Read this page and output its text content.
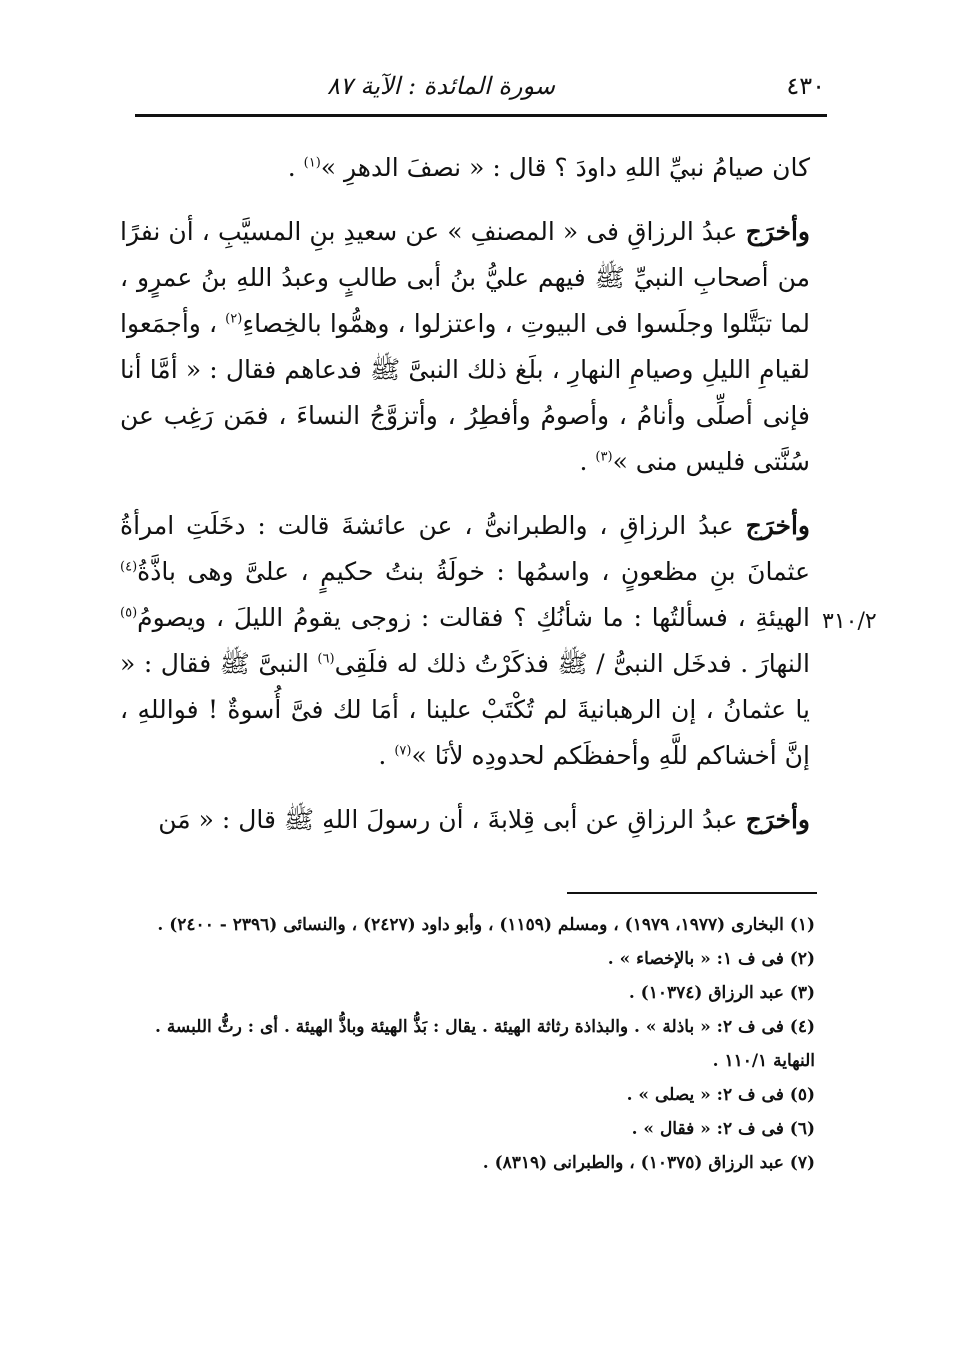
٤٣٠
سورة المائدة : الآية ٨٧
٣١٠/٢

كان صيامُ نبيِّ اللهِ داودَ ؟ قال : « نصفَ الدهرِ »$^{(١)}$ .

وأخرَج عبدُ الرزاقِ فى « المصنفِ » عن سعيدِ بنِ المسيَّبِ ، أن نفرًا من أصحابِ النبيِّ ﷺ فيهم عليُّ بنُ أبى طالبٍ وعبدُ اللهِ بنُ عمرٍو ، لما تبَتَّلوا وجلَسوا فى البيوتِ ، واعتزلوا ، وهمُّوا بالخِصاءِ$^{(٢)}$ ، وأجمَعوا لقيامِ الليلِ وصيامِ النهارِ ، بلَغ ذلك النبىَّ ﷺ فدعاهم فقال : « أمَّا أنا فإنى أصلِّى وأنامُ ، وأصومُ وأفطِرُ ، وأتزوَّجُ النساءَ ، فمَن رَغِب عن سُنَّتى فليس منى »$^{(٣)}$ .

وأخرَج عبدُ الرزاقِ ، والطبرانىُّ ، عن عائشةَ قالت : دخَلَتِ امرأةُ عثمانَ بنِ مظعونٍ ، واسمُها : خولَةُ بنتُ حكيمٍ ، علىَّ وهى باذَّةُ$^{(٤)}$ الهيئةِ ، فسألتُها : ما شأنُكِ ؟ فقالت : زوجى يقومُ الليلَ ، ويصومُ$^{(٥)}$ النهارَ . فدخَل النبىُّ / ﷺ فذكَرْتُ ذلك له فلَقِى$^{(٦)}$ النبىَّ ﷺ فقال : « يا عثمانُ ، إن الرهبانيةَ لم تُكْتَبْ علينا ، أمَا لك فىَّ أُسوةٌ ! فواللهِ ، إنَّ أخشاكم للَّهِ وأحفظَكم لحدودِه لأنَا »$^{(٧)}$ .

وأخرَج عبدُ الرزاقِ عن أبى قِلابةَ ، أن رسولَ اللهِ ﷺ قال : « مَن

(١) البخارى (١٩٧٧، ١٩٧٩) ، ومسلم (١١٥٩) ، وأبو داود (٢٤٢٧) ، والنسائى (٢٣٩٦ - ٢٤٠٠) .

(٢) فى ف ١: « بالإخصاء » .

(٣) عبد الرزاق (١٠٣٧٤) .

(٤) فى ف ٢: « باذلة » . والبذاذة رثاثة الهيئة . يقال : بَذُّ الهيئة وباذُّ الهيئة . أى : رثُّ اللبسة . النهاية ١١٠/١ .

(٥) فى ف ٢: « يصلى » .

(٦) فى ف ٢: « فقال » .

(٧) عبد الرزاق (١٠٣٧٥) ، والطبرانى (٨٣١٩) .
